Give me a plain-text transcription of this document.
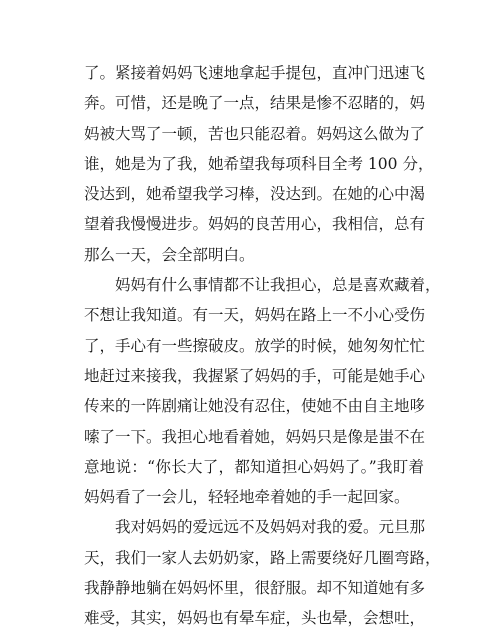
了。紧接着妈妈飞速地拿起手提包，直冲门迅速飞
奔。可惜，还是晚了一点，结果是惨不忍睹的，妈
妈被大骂了一顿，苦也只能忍着。妈妈这么做为了
谁，她是为了我，她希望我每项科目全考 100 分，
没达到，她希望我学习棒，没达到。在她的心中渴
望着我慢慢进步。妈妈的良苦用心，我相信，总有
那么一天，会全部明白。
妈妈有什么事情都不让我担心，总是喜欢藏着，
不想让我知道。有一天，妈妈在路上一不小心受伤
了，手心有一些擦破皮。放学的时候，她匆匆忙忙
地赶过来接我，我握紧了妈妈的手，可能是她手心
传来的一阵剧痛让她没有忍住，使她不由自主地哆
嗦了一下。我担心地看着她，妈妈只是像是蚩不在
意地说：“你长大了，都知道担心妈妈了。”我盯着
妈妈看了一会儿，轻轻地牵着她的手一起回家。
我对妈妈的爱远远不及妈妈对我的爱。元旦那
天，我们一家人去奶奶家，路上需要绕好几圈弯路，
我静静地躺在妈妈怀里，很舒服。却不知道她有多
难受，其实，妈妈也有晕车症，头也晕，会想吐，
